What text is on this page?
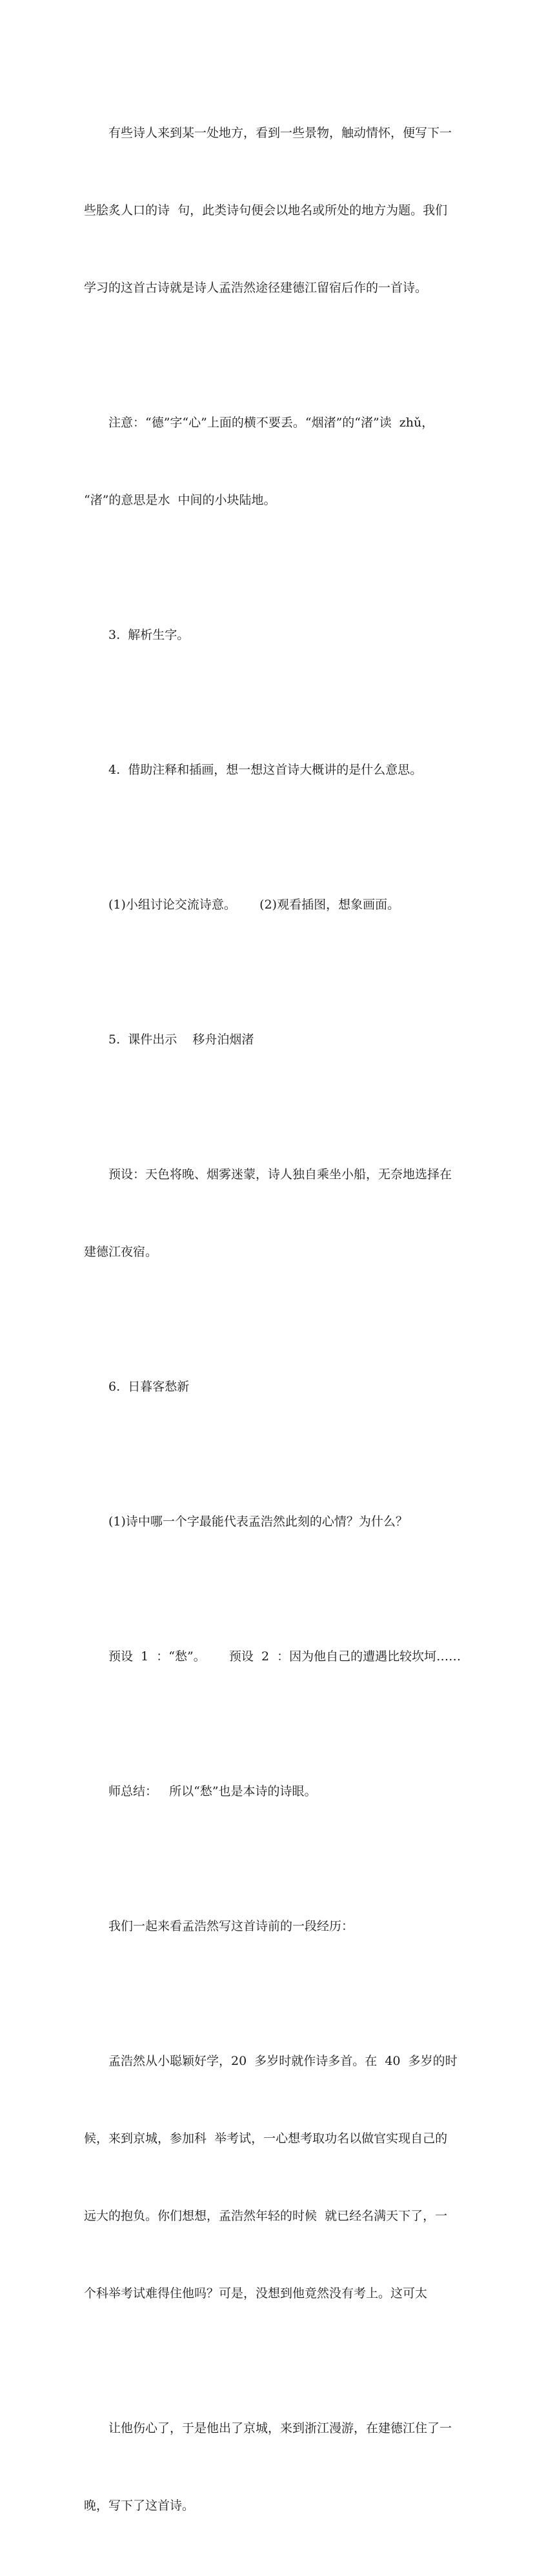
有些诗人来到某一处地方，看到一些景物，触动情怀，便写下一

些脍炙人口的诗  句，此类诗句便会以地名或所处的地方为题。我们

学习的这首古诗就是诗人孟浩然途径建德江留宿后作的一首诗。

注意：“德”字“心”上面的横不要丢。“烟渚”的“渚”读  zhǔ，

“渚”的意思是水  中间的小块陆地。

3.  解析生字。

4.  借助注释和插画，想一想这首诗大概讲的是什么意思。

(1)小组讨论交流诗意。      (2)观看插图，想象画面。

5.  课件出示    移舟泊烟渚

预设：天色将晚、烟雾迷蒙，诗人独自乘坐小船，无奈地选择在

建德江夜宿。

6.  日暮客愁新

(1)诗中哪一个字最能代表孟浩然此刻的心情？为什么？

预设  1  ：“愁”。      预设  2  ：因为他自己的遭遇比较坎坷……

师总结：   所以“愁”也是本诗的诗眼。

我们一起来看孟浩然写这首诗前的一段经历：

孟浩然从小聪颖好学，20  多岁时就作诗多首。在  40  多岁的时

候，来到京城，参加科  举考试，一心想考取功名以做官实现自己的

远大的抱负。你们想想，孟浩然年轻的时候  就已经名满天下了，一

个科举考试难得住他吗？可是，没想到他竟然没有考上。这可太

让他伤心了，于是他出了京城，来到浙江漫游，在建德江住了一

晚，写下了这首诗。
